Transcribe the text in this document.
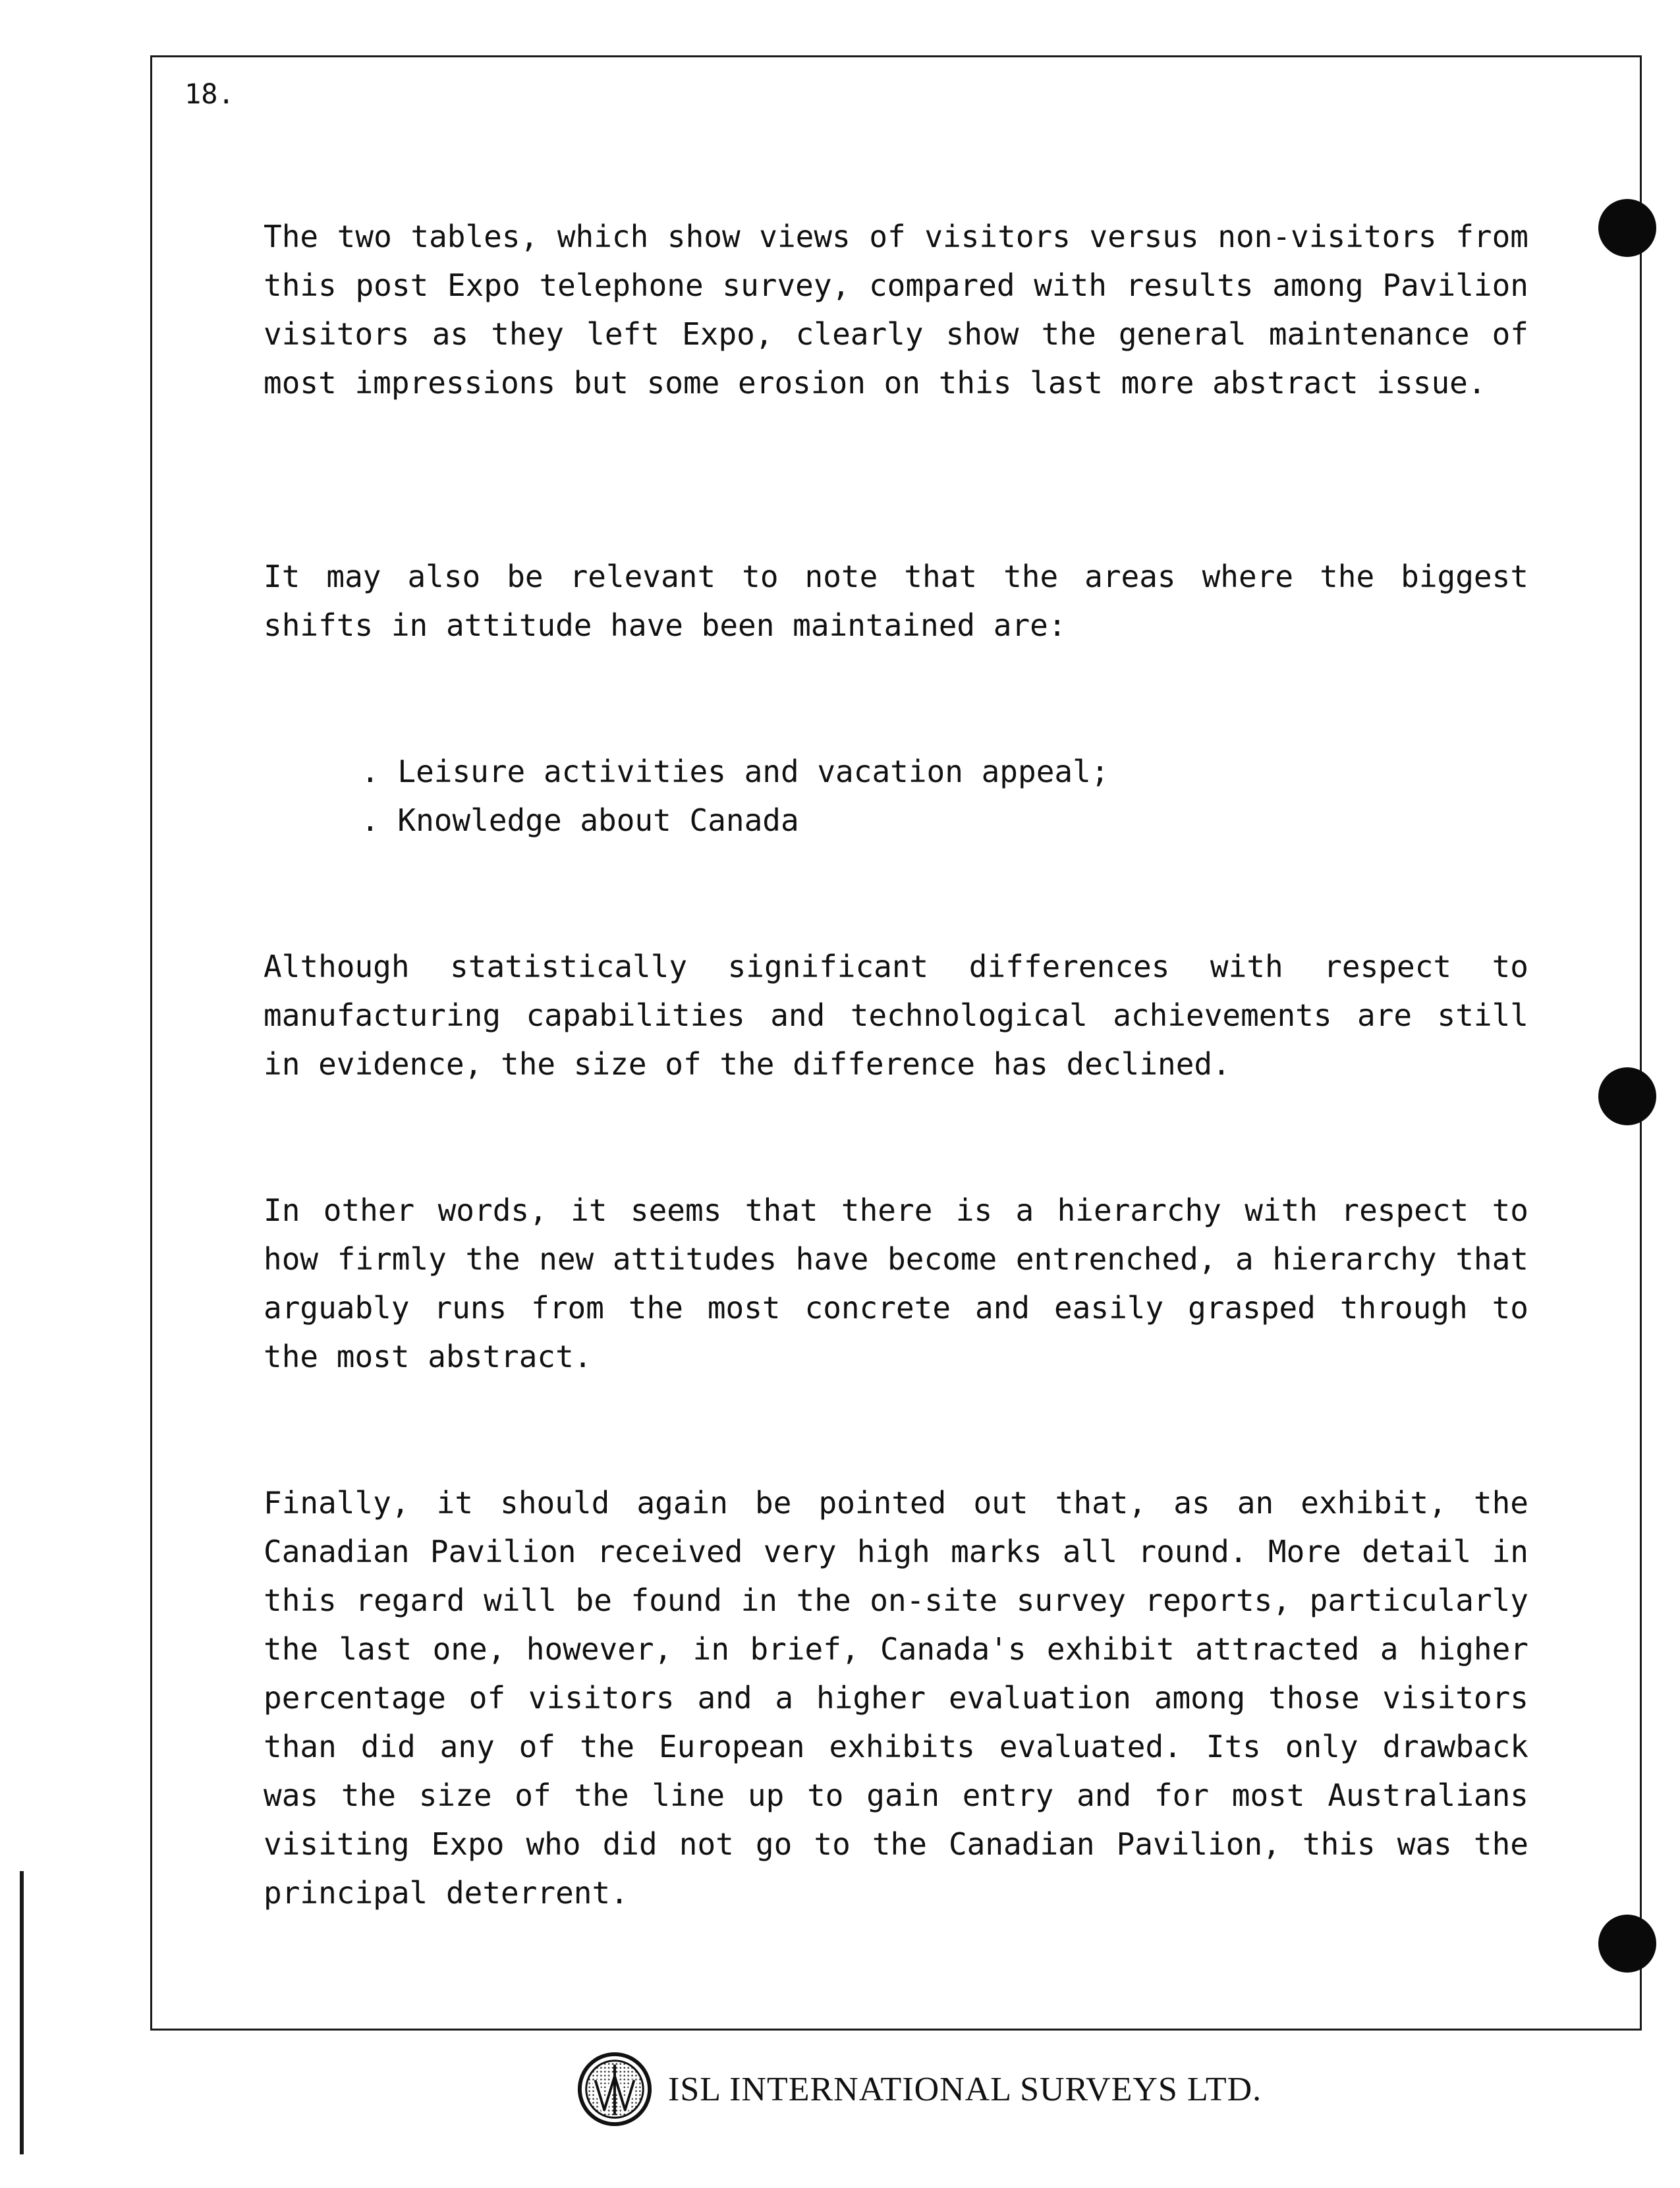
18.

The two tables, which show views of visitors versus non-visitors from this post Expo telephone survey, compared with results among Pavilion visitors as they left Expo, clearly show the general maintenance of most impressions but some erosion on this last more abstract issue.

It may also be relevant to note that the areas where the biggest shifts in attitude have been maintained are:

. Leisure activities and vacation appeal;
. Knowledge about Canada

Although statistically significant differences with respect to manufacturing capabilities and technological achievements are still in evidence, the size of the difference has declined.

In other words, it seems that there is a hierarchy with respect to how firmly the new attitudes have become entrenched, a hierarchy that arguably runs from the most concrete and easily grasped through to the most abstract.

Finally, it should again be pointed out that, as an exhibit, the Canadian Pavilion received very high marks all round. More detail in this regard will be found in the on-site survey reports, particularly the last one, however, in brief, Canada's exhibit attracted a higher percentage of visitors and a higher evaluation among those visitors than did any of the European exhibits evaluated. Its only drawback was the size of the line up to gain entry and for most Australians visiting Expo who did not go to the Canadian Pavilion, this was the principal deterrent.

ISL INTERNATIONAL SURVEYS LTD.
